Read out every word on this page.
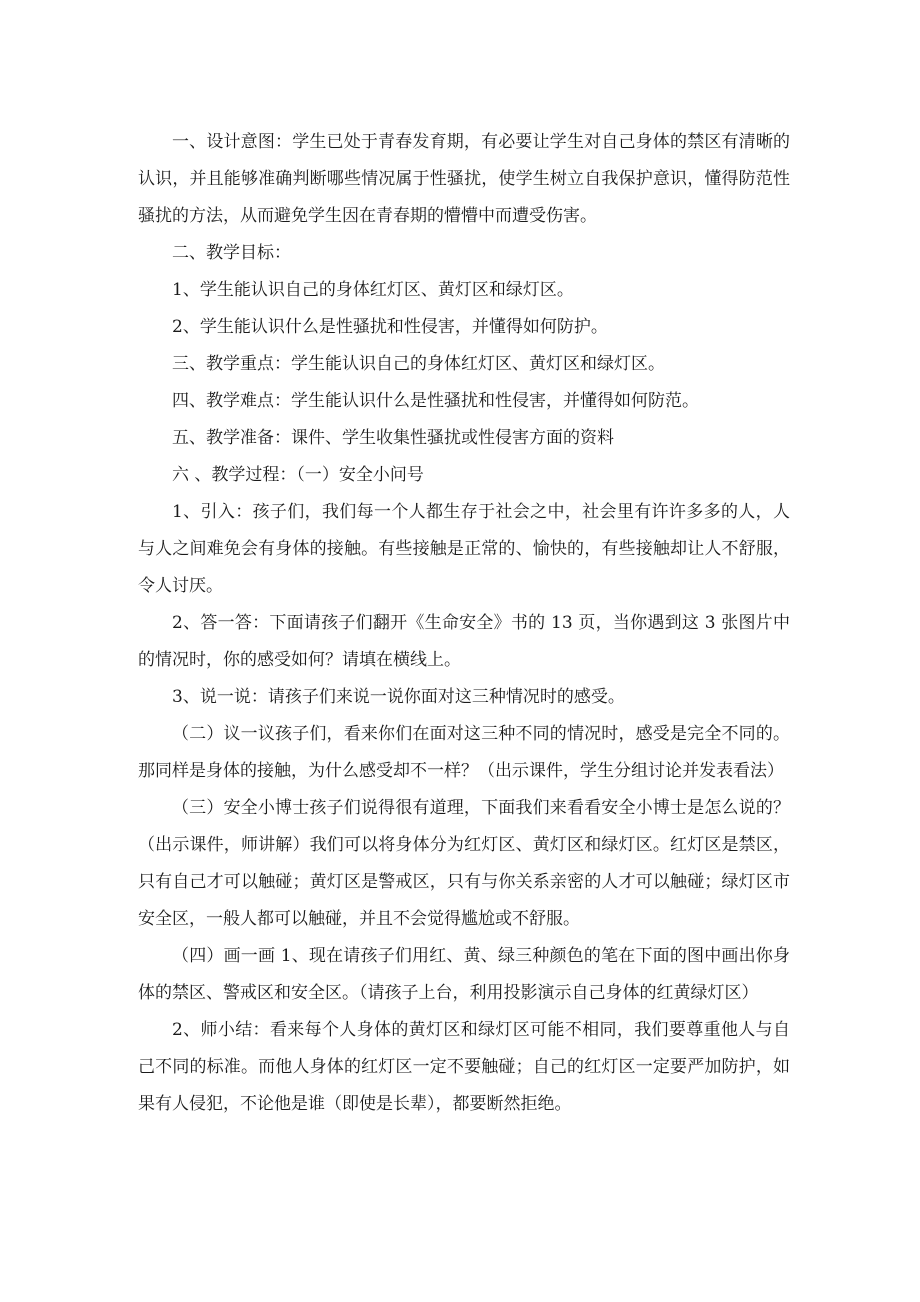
一、设计意图：学生已处于青春发育期，有必要让学生对自己身体的禁区有清晰的认识，并且能够准确判断哪些情况属于性骚扰，使学生树立自我保护意识，懂得防范性骚扰的方法，从而避免学生因在青春期的懵懵中而遭受伤害。

二、教学目标：

1、学生能认识自己的身体红灯区、黄灯区和绿灯区。

2、学生能认识什么是性骚扰和性侵害，并懂得如何防护。

三、教学重点：学生能认识自己的身体红灯区、黄灯区和绿灯区。

四、教学难点：学生能认识什么是性骚扰和性侵害，并懂得如何防范。

五、教学准备：课件、学生收集性骚扰或性侵害方面的资料

六 、教学过程：（一）安全小问号

1、引入：孩子们，我们每一个人都生存于社会之中，社会里有许许多多的人，人与人之间难免会有身体的接触。有些接触是正常的、愉快的，有些接触却让人不舒服，令人讨厌。

2、答一答：下面请孩子们翻开《生命安全》书的 13 页，当你遇到这 3 张图片中的情况时，你的感受如何？请填在横线上。

3、说一说：请孩子们来说一说你面对这三种情况时的感受。

（二）议一议孩子们，看来你们在面对这三种不同的情况时，感受是完全不同的。那同样是身体的接触，为什么感受却不一样？（出示课件，学生分组讨论并发表看法）

（三）安全小博士孩子们说得很有道理，下面我们来看看安全小博士是怎么说的？（出示课件，师讲解）我们可以将身体分为红灯区、黄灯区和绿灯区。红灯区是禁区，只有自己才可以触碰；黄灯区是警戒区，只有与你关系亲密的人才可以触碰；绿灯区市安全区，一般人都可以触碰，并且不会觉得尴尬或不舒服。

（四）画一画 1、现在请孩子们用红、黄、绿三种颜色的笔在下面的图中画出你身体的禁区、警戒区和安全区。（请孩子上台，利用投影演示自己身体的红黄绿灯区）

2、师小结：看来每个人身体的黄灯区和绿灯区可能不相同，我们要尊重他人与自己不同的标准。而他人身体的红灯区一定不要触碰；自己的红灯区一定要严加防护，如果有人侵犯，不论他是谁（即使是长辈），都要断然拒绝。
